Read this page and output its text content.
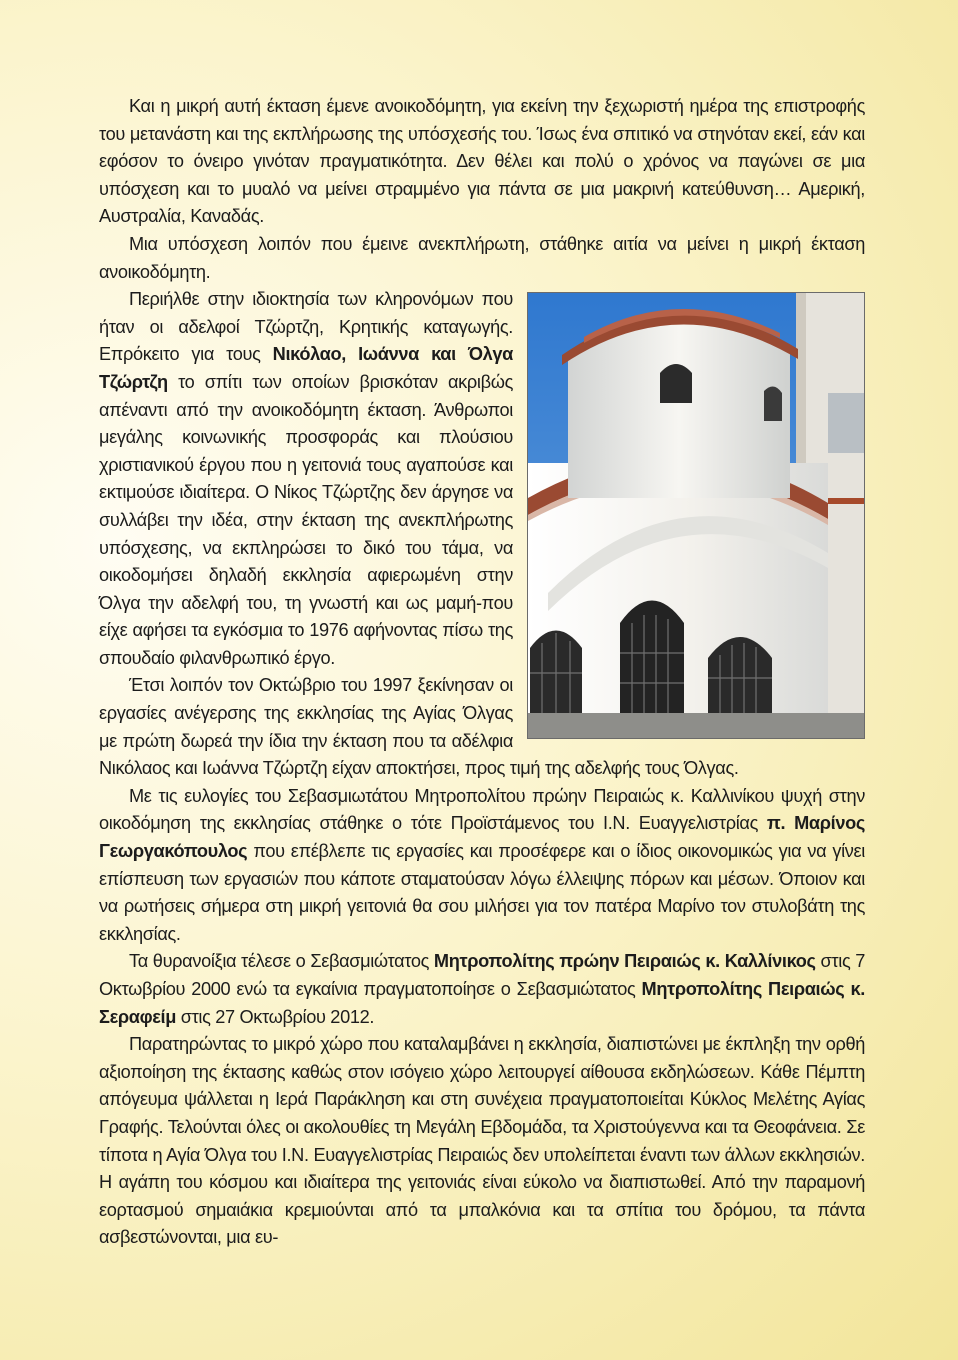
Και η μικρή αυτή έκταση έμενε ανοικοδόμητη, για εκείνη την ξεχωριστή ημέρα της επιστροφής του μετανάστη και της εκπλήρωσης της υπόσχεσής του. Ίσως ένα σπιτικό να στηνόταν εκεί, εάν και εφόσον το όνειρο γινόταν πραγματικότητα. Δεν θέλει και πολύ ο χρόνος να παγώνει σε μια υπόσχεση και το μυαλό να μείνει στραμμένο για πάντα σε μια μακρινή κατεύθυνση… Αμερική, Αυστραλία, Καναδάς.

Μια υπόσχεση λοιπόν που έμεινε ανεκπλήρωτη, στάθηκε αιτία να μείνει η μικρή έκταση ανοικοδόμητη.

Περιήλθε στην ιδιοκτησία των κληρονόμων που ήταν οι αδελφοί Τζώρτζη, Κρητικής καταγωγής. Επρόκειτο για τους Νικόλαο, Ιωάννα και Όλγα Τζώρτζη το σπίτι των οποίων βρισκόταν ακριβώς απέναντι από την ανοικοδόμητη έκταση. Άνθρωποι μεγάλης κοινωνικής προσφοράς και πλούσιου χριστιανικού έργου που η γειτονιά τους αγαπούσε και εκτιμούσε ιδιαίτερα. Ο Νίκος Τζώρτζης δεν άργησε να συλλάβει την ιδέα, στην έκταση της ανεκπλήρωτης υπόσχεσης, να εκπληρώσει το δικό του τάμα, να οικοδομήσει δηλαδή εκκλησία αφιερωμένη στην Όλγα την αδελφή του, τη γνωστή και ως μαμή-που είχε αφήσει τα εγκόσμια το 1976 αφήνοντας πίσω της σπουδαίο φιλανθρωπικό έργο.

Έτσι λοιπόν τον Οκτώβριο του 1997 ξεκίνησαν οι εργασίες ανέγερσης της εκκλησίας της Αγίας Όλγας με πρώτη δωρεά την ίδια την έκταση που τα αδέλφια Νικόλαος και Ιωάννα Τζώρτζη είχαν αποκτήσει, προς τιμή της αδελφής τους Όλγας.

Με τις ευλογίες του Σεβασμιωτάτου Μητροπολίτου πρώην Πειραιώς κ. Καλλινίκου ψυχή στην οικοδόμηση της εκκλησίας στάθηκε ο τότε Προϊστάμενος του Ι.Ν. Ευαγγελιστρίας π. Μαρίνος Γεωργακόπουλος που επέβλεπε τις εργασίες και προσέφερε και ο ίδιος οικονομικώς για να γίνει επίσπευση των εργασιών που κάποτε σταματούσαν λόγω έλλειψης πόρων και μέσων. Όποιον και να ρωτήσεις σήμερα στη μικρή γειτονιά θα σου μιλήσει για τον πατέρα Μαρίνο τον στυλοβάτη της εκκλησίας.

Τα θυρανοίξια τέλεσε ο Σεβασμιώτατος Μητροπολίτης πρώην Πειραιώς κ. Καλλίνικος στις 7 Οκτωβρίου 2000 ενώ τα εγκαίνια πραγματοποίησε ο Σεβασμιώτατος Μητροπολίτης Πειραιώς κ. Σεραφείμ στις 27 Οκτωβρίου 2012.

Παρατηρώντας το μικρό χώρο που καταλαμβάνει η εκκλησία, διαπιστώνει με έκπληξη την ορθή αξιοποίηση της έκτασης καθώς στον ισόγειο χώρο λειτουργεί αίθουσα εκδηλώσεων. Κάθε Πέμπτη απόγευμα ψάλλεται η Ιερά Παράκληση και στη συνέχεια πραγματοποιείται Κύκλος Μελέτης Αγίας Γραφής. Τελούνται όλες οι ακολουθίες τη Μεγάλη Εβδομάδα, τα Χριστούγεννα και τα Θεοφάνεια. Σε τίποτα η Αγία Όλγα του Ι.Ν. Ευαγγελιστρίας Πειραιώς δεν υπολείπεται έναντι των άλλων εκκλησιών. Η αγάπη του κόσμου και ιδιαίτερα της γειτονιάς είναι εύκολο να διαπιστωθεί. Από την παραμονή εορτασμού σημαιάκια κρεμιούνται από τα μπαλκόνια και τα σπίτια του δρόμου, τα πάντα ασβεστώνονται, μια ευ-
